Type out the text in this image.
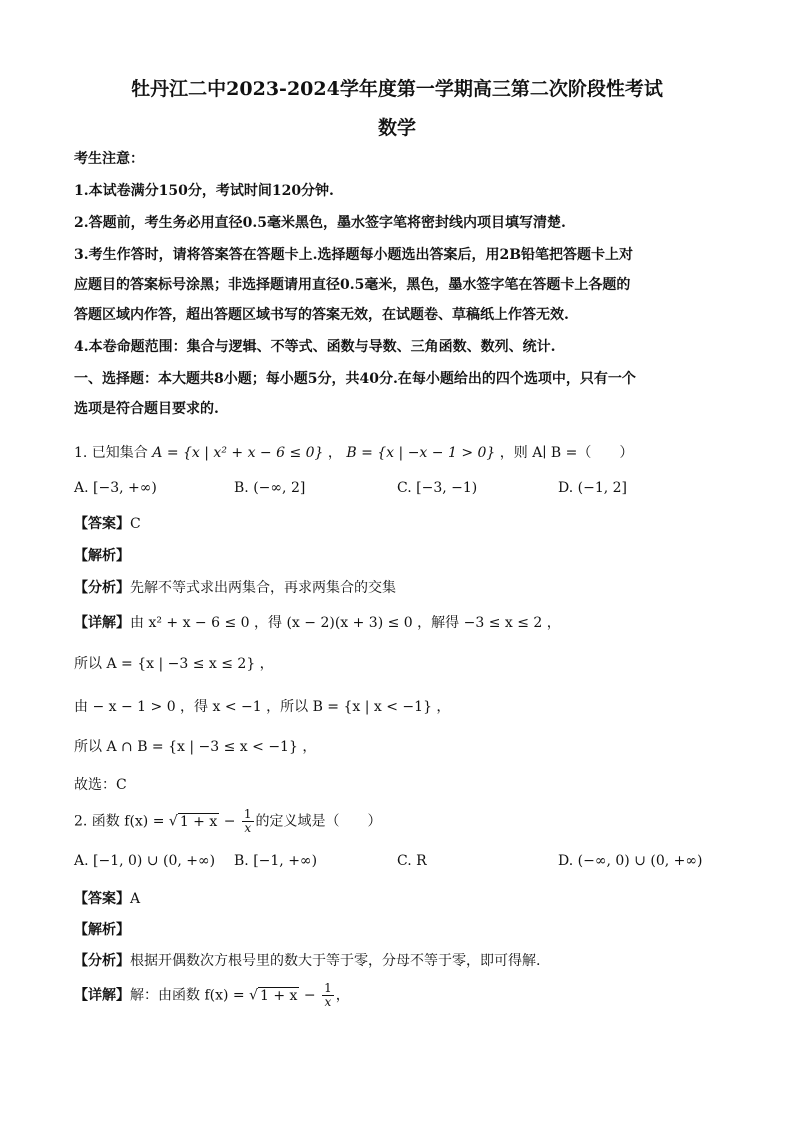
牡丹江二中2023-2024学年度第一学期高三第二次阶段性考试
数学
考生注意：
1.本试卷满分150分，考试时间120分钟.
2.答题前，考生务必用直径0.5毫米黑色，墨水签字笔将密封线内项目填写清楚.
3.考生作答时，请将答案答在答题卡上.选择题每小题选出答案后，用2B铅笔把答题卡上对
应题目的答案标号涂黑；非选择题请用直径0.5毫米，黑色，墨水签字笔在答题卡上各题的
答题区域内作答，超出答题区域书写的答案无效，在试题卷、草稿纸上作答无效.
4.本卷命题范围：集合与逻辑、不等式、函数与导数、三角函数、数列、统计.
一、选择题：本大题共8小题；每小题5分，共40分.在每小题给出的四个选项中，只有一个
选项是符合题目要求的.
1. 已知集合 A = {x | x² + x − 6 ≤ 0} ， B = {x | −x − 1 > 0} ，则 A∣ B =（　　）
A. [−3, +∞)	B. (−∞, 2]	C. [−3, −1)	D. (−1, 2]
【答案】C
【解析】
【分析】先解不等式求出两集合，再求两集合的交集
【详解】由 x² + x − 6 ≤ 0 ，得 (x − 2)(x + 3) ≤ 0 ，解得 −3 ≤ x ≤ 2 ，
所以 A = {x | −3 ≤ x ≤ 2} ，
由 − x − 1 > 0 ，得 x < −1 ，所以 B = {x | x < −1} ，
所以 A ∩ B = {x | −3 ≤ x < −1} ，
故选：C
2. 函数 f(x) = √ $1 + x - \frac{1}{x}$ 的定义域是（　　）
A. [−1, 0) ∪ (0, +∞) B. [−1, +∞)	C. R	D. (−∞, 0) ∪ (0, +∞)
【答案】A
【解析】
【分析】根据开偶数次方根号里的数大于等于零，分母不等于零，即可得解.
【详解】解：由函数 f(x) = √ $1 + x - \frac{1}{x}$ ，
